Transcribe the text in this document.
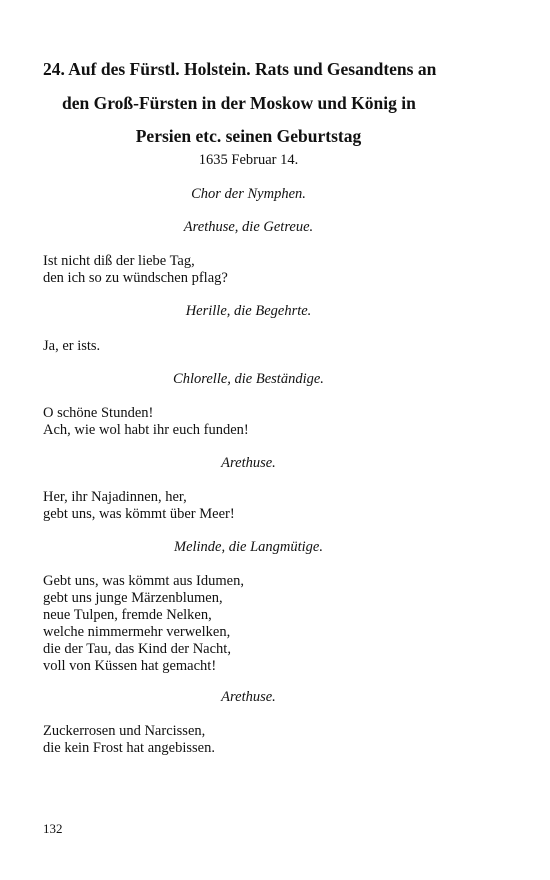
24. Auf des Fürstl. Holstein. Rats und Gesandtens an
den Groß-Fürsten in der Moskow und König in
Persien etc. seinen Geburtstag
1635 Februar 14.
Chor der Nymphen.
Arethuse, die Getreue.
Ist nicht diß der liebe Tag,
den ich so zu wündschen pflag?
Herille, die Begehrte.
Ja, er ists.
Chlorelle, die Beständige.
O schöne Stunden!
Ach, wie wol habt ihr euch funden!
Arethuse.
Her, ihr Najadinnen, her,
gebt uns, was kömmt über Meer!
Melinde, die Langmütige.
Gebt uns, was kömmt aus Idumen,
gebt uns junge Märzenblumen,
neue Tulpen, fremde Nelken,
welche nimmermehr verwelken,
die der Tau, das Kind der Nacht,
voll von Küssen hat gemacht!
Arethuse.
Zuckerrosen und Narcissen,
die kein Frost hat angebissen.
132
